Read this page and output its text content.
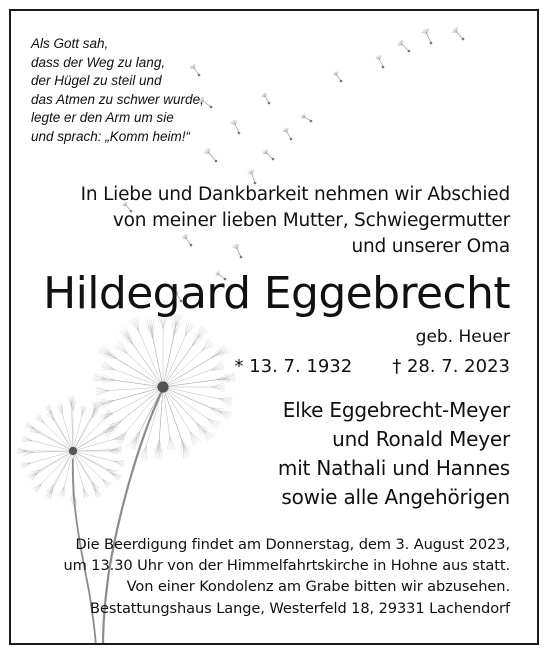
Als Gott sah,
dass der Weg zu lang,
der Hügel zu steil und
das Atmen zu schwer wurde,
legte er den Arm um sie
und sprach: „Komm heim!“
In Liebe und Dankbarkeit nehmen wir Abschied
von meiner lieben Mutter, Schwiegermutter
und unserer Oma
Hildegard Eggebrecht
geb. Heuer
* 13. 7. 1932 † 28. 7. 2023
Elke Eggebrecht-Meyer
und Ronald Meyer
mit Nathali und Hannes
sowie alle Angehörigen
Die Beerdigung findet am Donnerstag, dem 3. August 2023,
um 13.30 Uhr von der Himmelfahrtskirche in Hohne aus statt.
Von einer Kondolenz am Grabe bitten wir abzusehen.
Bestattungshaus Lange, Westerfeld 18, 29331 Lachendorf
